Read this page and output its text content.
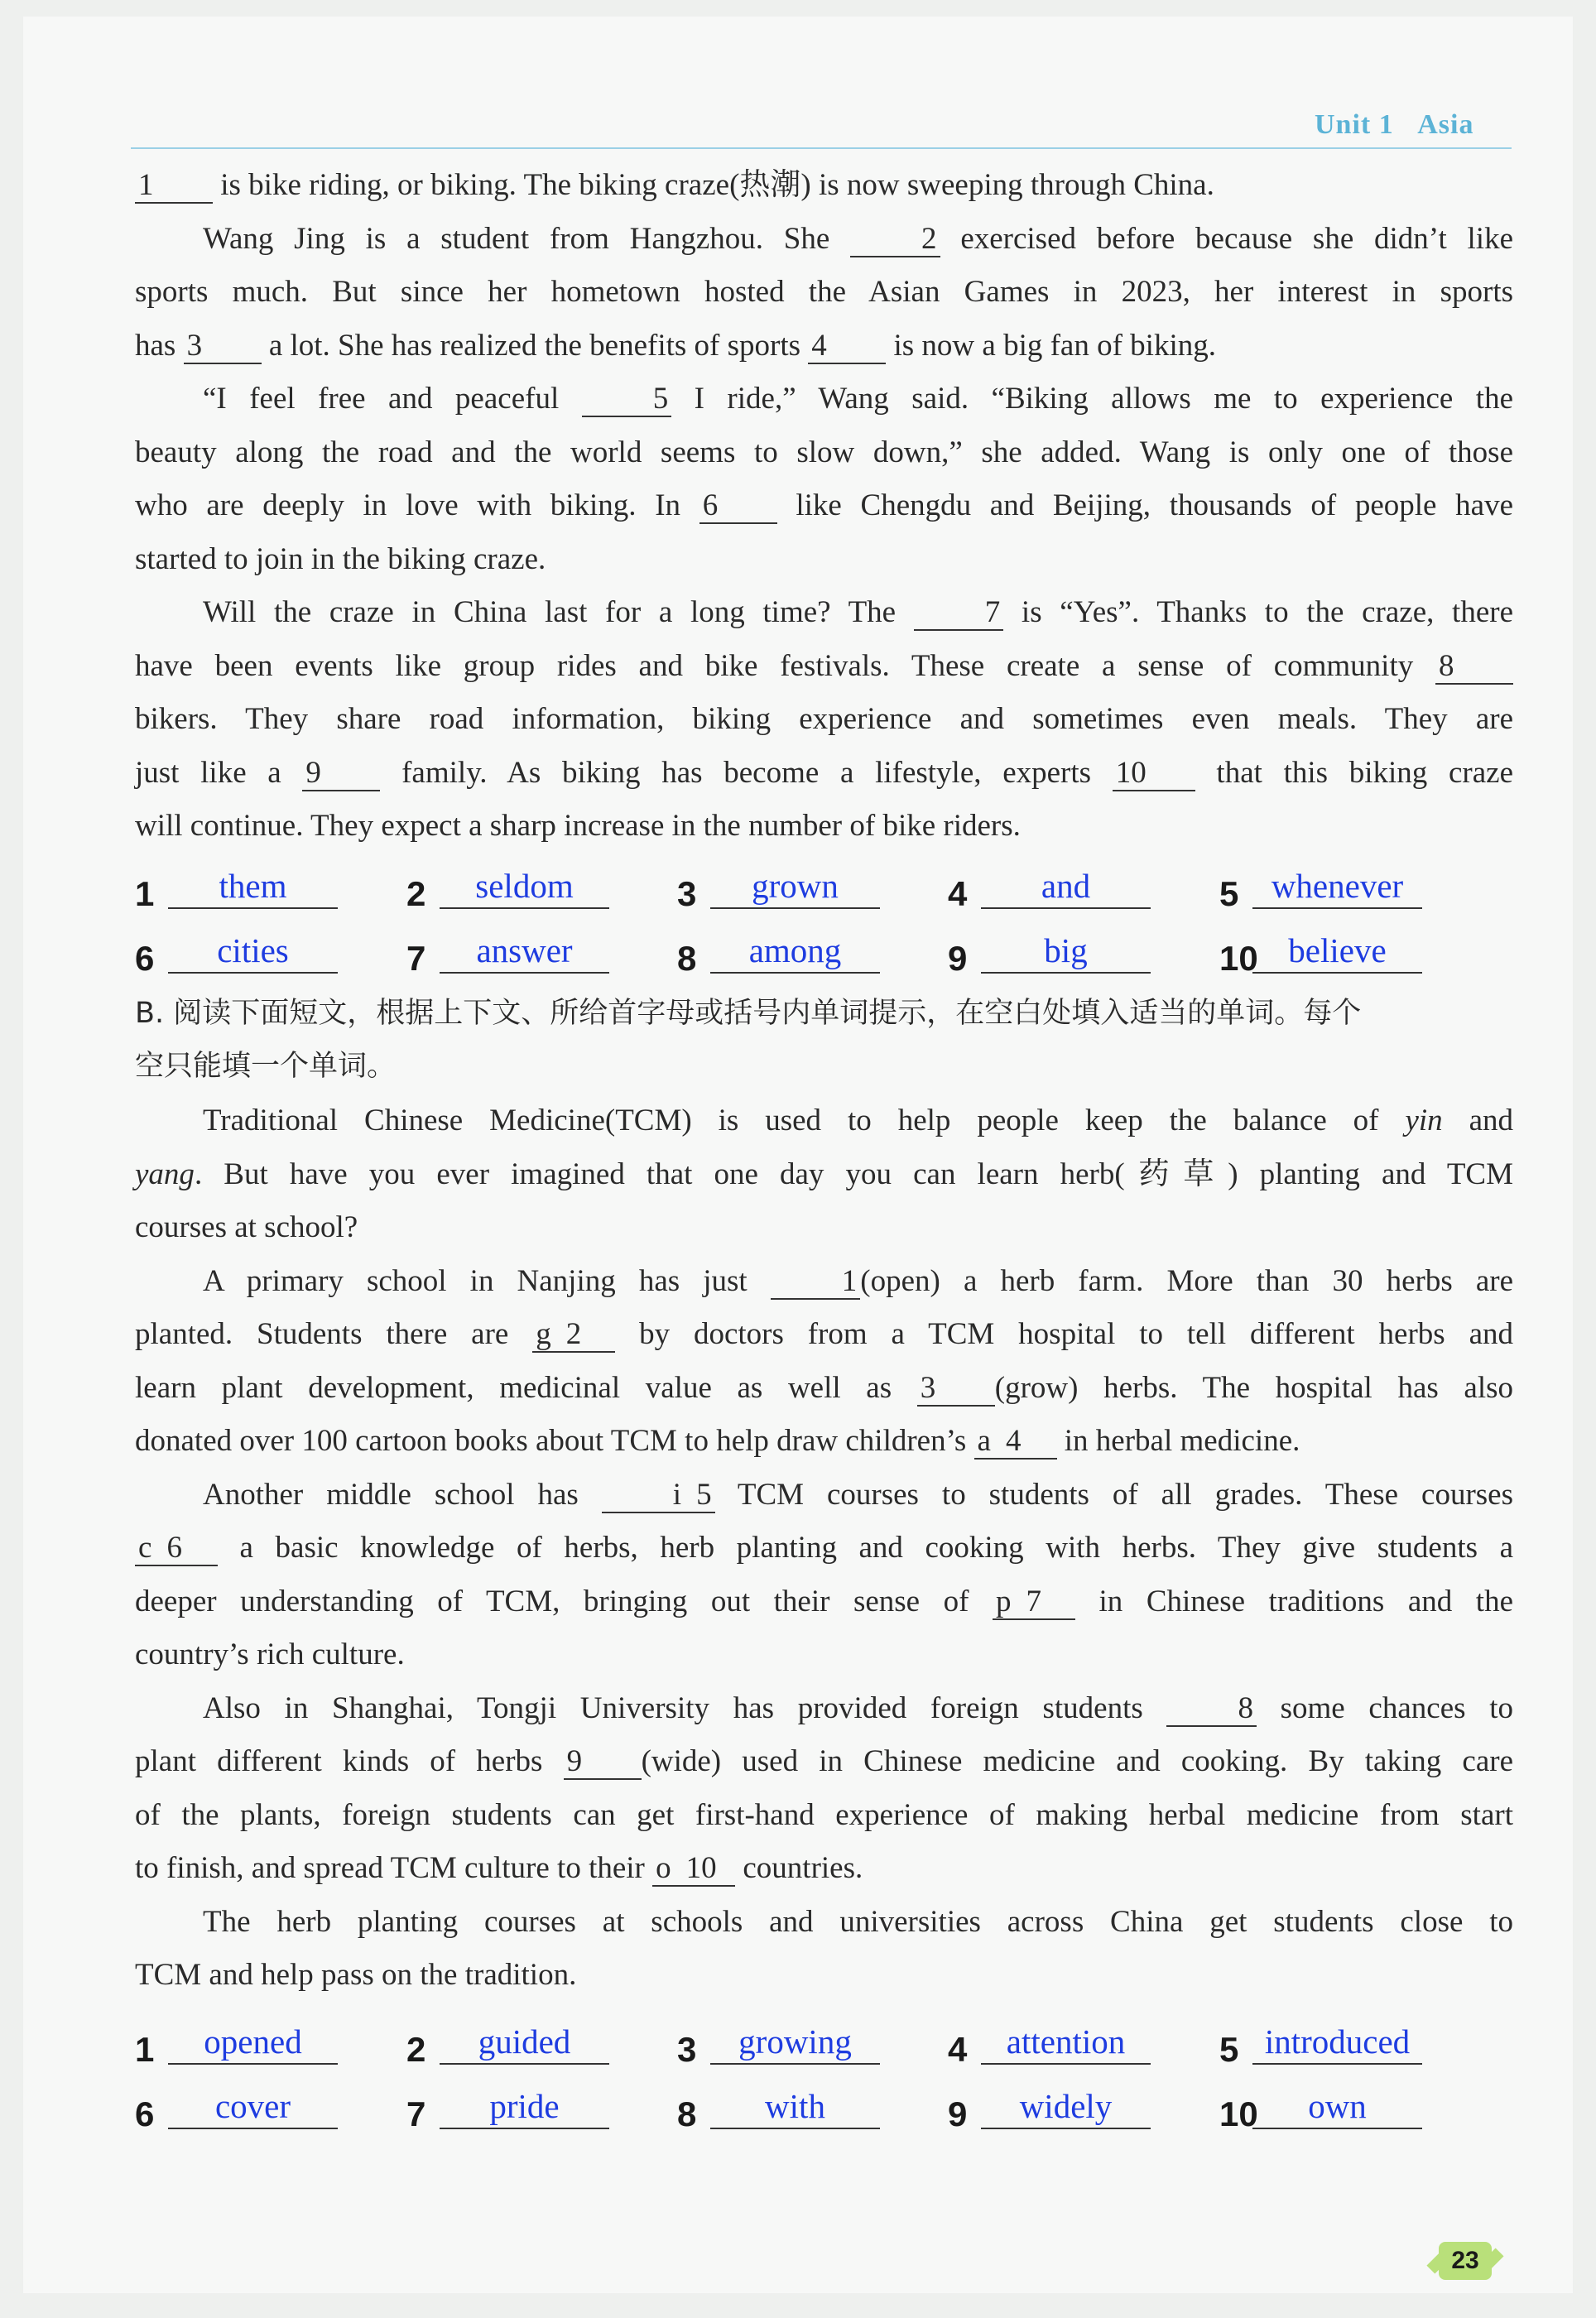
Unit 1 Asia

1 is bike riding, or biking. The biking craze(热潮) is now sweeping through China.

Wang Jing is a student from Hangzhou. She 2 exercised before because she didn’t like
sports much. But since her hometown hosted the Asian Games in 2023, her interest in sports
has 3 a lot. She has realized the benefits of sports 4 is now a big fan of biking.

“I feel free and peaceful 5 I ride,” Wang said. “Biking allows me to experience the
beauty along the road and the world seems to slow down,” she added. Wang is only one of those
who are deeply in love with biking. In 6 like Chengdu and Beijing, thousands of people have
started to join in the biking craze.

Will the craze in China last for a long time? The 7 is “Yes”. Thanks to the craze, there
have been events like group rides and bike festivals. These create a sense of community 8
bikers. They share road information, biking experience and sometimes even meals. They are
just like a 9 family. As biking has become a lifestyle, experts 10 that this biking craze
will continue. They expect a sharp increase in the number of bike riders.

1	them	2	seldom	3	grown	4	and	5 whenever
6	cities	7	answer	8	among	9	big	10 believe
B. 阅读下面短文，根据上下文、所给首字母或括号内单词提示，在空白处填入适当的单词。每个
空只能填一个单词。

Traditional Chinese Medicine(TCM) is used to help people keep the balance of yin and
yang. But have you ever imagined that one day you can learn herb(药草) planting and TCM
courses at school?

A primary school in Nanjing has just 1 (open) a herb farm. More than 30 herbs are
planted. Students there are g 2 by doctors from a TCM hospital to tell different herbs and
learn plant development, medicinal value as well as 3 (grow) herbs. The hospital has also
donated over 100 cartoon books about TCM to help draw children’s a 4 in herbal medicine.

Another middle school has i 5 TCM courses to students of all grades. These courses
c 6 a basic knowledge of herbs, herb planting and cooking with herbs. They give students a
deeper understanding of TCM, bringing out their sense of p 7 in Chinese traditions and the
country’s rich culture.

Also in Shanghai, Tongji University has provided foreign students 8 some chances to
plant different kinds of herbs 9 (wide) used in Chinese medicine and cooking. By taking care
of the plants, foreign students can get first-hand experience of making herbal medicine from start
to finish, and spread TCM culture to their o 10 countries.

The herb planting courses at schools and universities across China get students close to
TCM and help pass on the tradition.

1	opened	2	guided	3	growing	4	attention	5 introduced
6	cover	7	pride	8	with	9	widely	10	own
23
